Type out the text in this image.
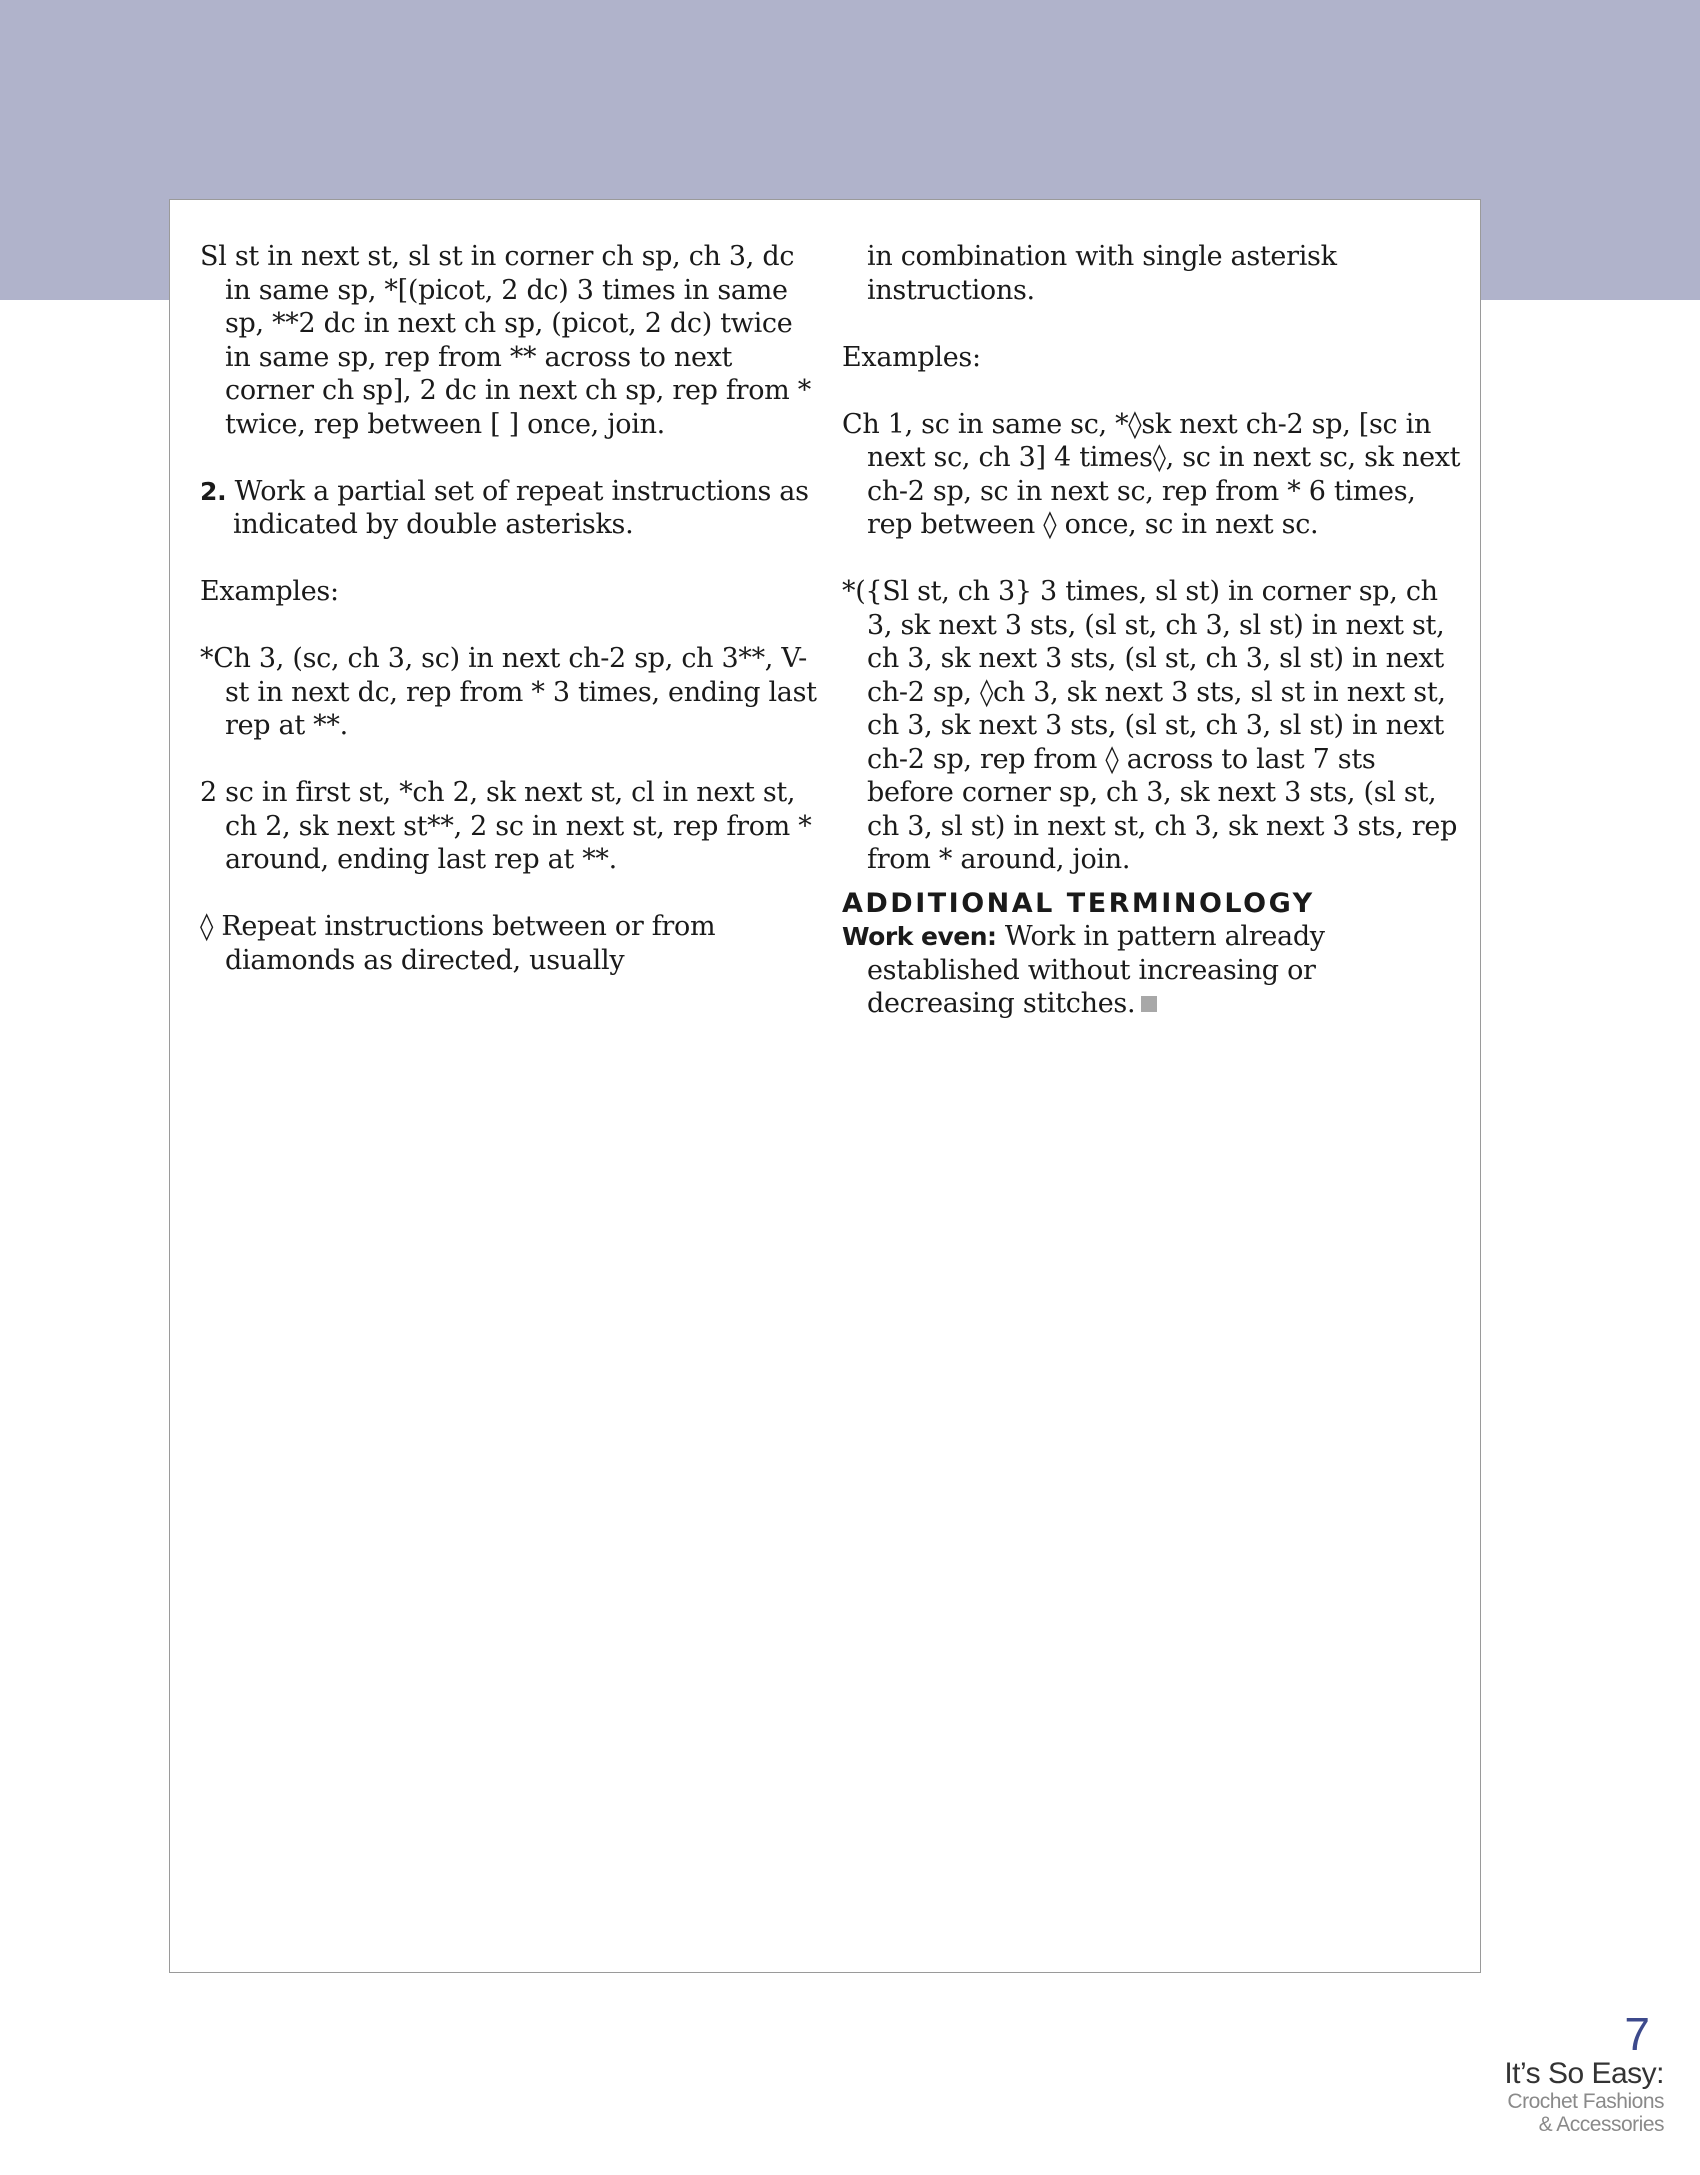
Sl st in next st, sl st in corner ch sp, ch 3, dc in same sp, *[(picot, 2 dc) 3 times in same sp, **2 dc in next ch sp, (picot, 2 dc) twice in same sp, rep from ** across to next corner ch sp], 2 dc in next ch sp, rep from * twice, rep between [ ] once, join.

2. Work a partial set of repeat instructions as indicated by double asterisks.

Examples:

*Ch 3, (sc, ch 3, sc) in next ch-2 sp, ch 3**, V-st in next dc, rep from * 3 times, ending last rep at **.

2 sc in first st, *ch 2, sk next st, cl in next st, ch 2, sk next st**, 2 sc in next st, rep from * around, ending last rep at **.

◊ Repeat instructions between or from diamonds as directed, usually

in combination with single asterisk instructions.

Examples:

Ch 1, sc in same sc, *◊sk next ch-2 sp, [sc in next sc, ch 3] 4 times◊, sc in next sc, sk next ch-2 sp, sc in next sc, rep from * 6 times, rep between ◊ once, sc in next sc.

*({Sl st, ch 3} 3 times, sl st) in corner sp, ch 3, sk next 3 sts, (sl st, ch 3, sl st) in next st, ch 3, sk next 3 sts, (sl st, ch 3, sl st) in next ch-2 sp, ◊ch 3, sk next 3 sts, sl st in next st, ch 3, sk next 3 sts, (sl st, ch 3, sl st) in next ch-2 sp, rep from ◊ across to last 7 sts before corner sp, ch 3, sk next 3 sts, (sl st, ch 3, sl st) in next st, ch 3, sk next 3 sts, rep from * around, join.

ADDITIONAL TERMINOLOGY

Work even: Work in pattern already established without increasing or decreasing stitches.

7
It’s So Easy:
Crochet Fashions
& Accessories
